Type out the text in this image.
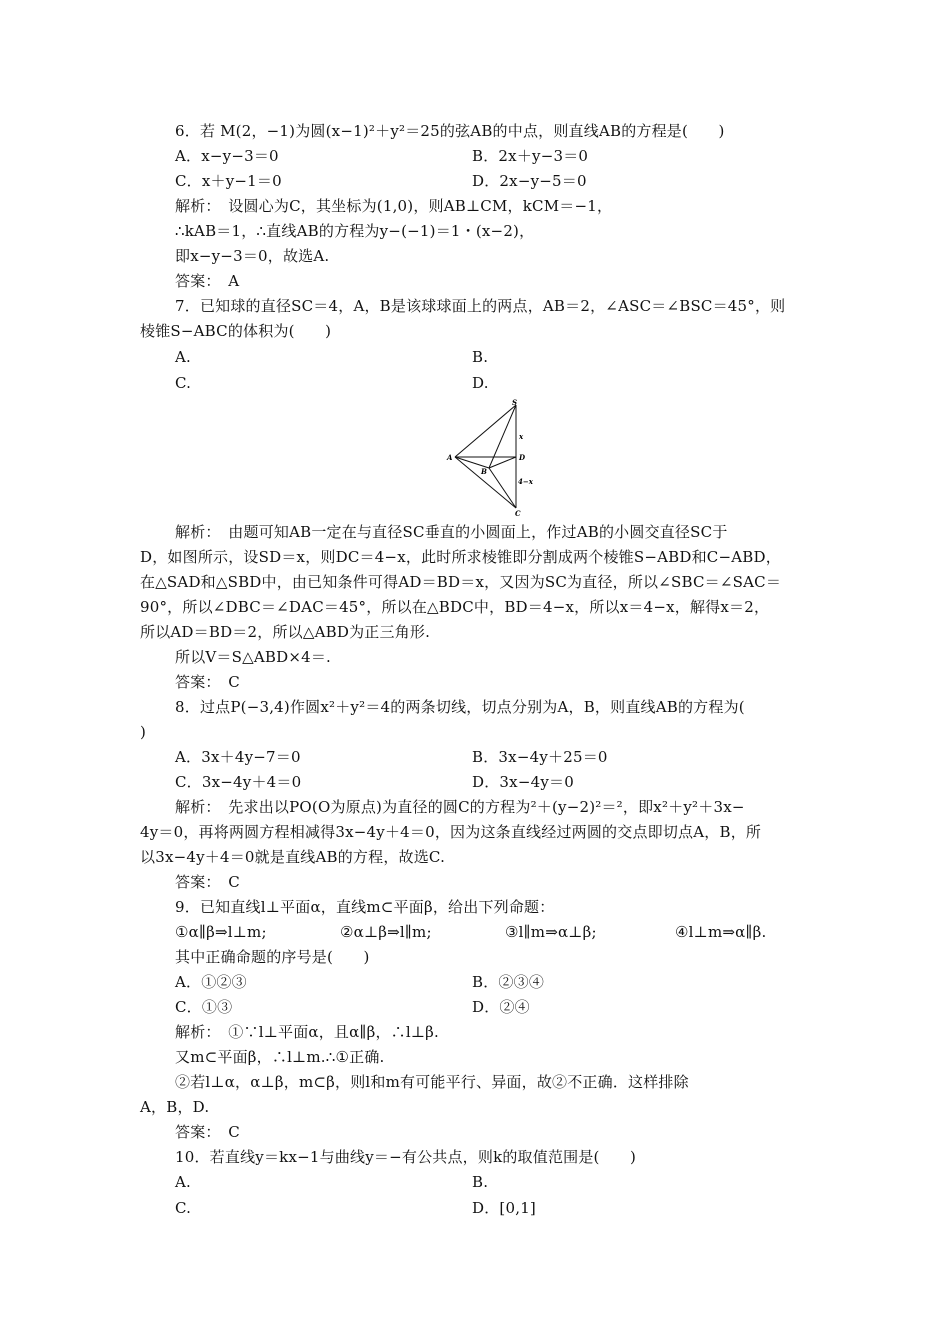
6．若 M(2，−1)为圆(x−1)²＋y²＝25的弦AB的中点，则直线AB的方程是(　　)
A．x−y−3＝0	B．2x＋y−3＝0
C．x＋y−1＝0	D．2x−y−5＝0
解析：　设圆心为C，其坐标为(1,0)，则AB⊥CM，kCM＝−1，
∴kAB＝1，∴直线AB的方程为y−(−1)＝1・(x−2)，
即x−y−3＝0，故选A.
答案：　A
7．已知球的直径SC＝4，A，B是该球球面上的两点，AB＝2，∠ASC＝∠BSC＝45°，则
棱锥S−ABC的体积为(　　)
A.	B.
C.	D.
S
A
B
D
C
x
4−x
解析：　由题可知AB一定在与直径SC垂直的小圆面上，作过AB的小圆交直径SC于
D，如图所示，设SD＝x，则DC＝4−x，此时所求棱锥即分割成两个棱锥S−ABD和C−ABD，
在△SAD和△SBD中，由已知条件可得AD＝BD＝x，又因为SC为直径，所以∠SBC＝∠SAC＝
90°，所以∠DBC＝∠DAC＝45°，所以在△BDC中，BD＝4−x，所以x＝4−x，解得x＝2，
所以AD＝BD＝2，所以△ABD为正三角形.
所以V＝S△ABD×4＝.
答案：　C
8．过点P(−3,4)作圆x²＋y²＝4的两条切线，切点分别为A，B，则直线AB的方程为(
)
A．3x＋4y−7＝0	B．3x−4y＋25＝0
C．3x−4y＋4＝0	D．3x−4y＝0
解析：　先求出以PO(O为原点)为直径的圆C的方程为²＋(y−2)²＝²，即x²＋y²＋3x−
4y＝0，再将两圆方程相减得3x−4y＋4＝0，因为这条直线经过两圆的交点即切点A，B，所
以3x−4y＋4＝0就是直线AB的方程，故选C.
答案：　C
9．已知直线l⊥平面α，直线m⊂平面β，给出下列命题：
①α∥β⇒l⊥m;	②α⊥β⇒l∥m;	③l∥m⇒α⊥β;	④l⊥m⇒α∥β.
其中正确命题的序号是(　　)
A．①②③	B．②③④
C．①③	D．②④
解析：　①∵l⊥平面α，且α∥β，∴l⊥β.
又m⊂平面β，∴l⊥m.∴①正确.
②若l⊥α，α⊥β，m⊂β，则l和m有可能平行、异面，故②不正确．这样排除
A，B，D.
答案：　C
10．若直线y＝kx−1与曲线y＝−有公共点，则k的取值范围是(　　)
A.	B.
C.	D．[0,1]
